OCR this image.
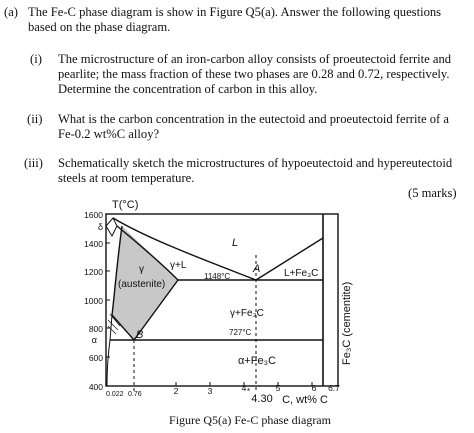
(a) The Fe-C phase diagram is show in Figure Q5(a). Answer the following questions
based on the phase diagram.
(i) The microstructure of an iron-carbon alloy consists of proeutectoid ferrite and
pearlite; the mass fraction of these two phases are 0.28 and 0.72, respectively.
Determine the concentration of carbon in this alloy.
(ii) What is the carbon concentration in the eutectoid and proeutectoid ferrite of a
Fe-0.2 wt%C alloy?
(iii) Schematically sketch the microstructures of hypoeutectoid and hypereutectoid
steels at room temperature.
(5 marks)
1600
1400
1200
1000
800
600
400
α
δ
T(°C)
0.022 0.76	2	3	4	5	6 6.7
4.30
*
C, wt% C
L
γ
(austenite)
γ+L
L+Fe₃C
γ+Fe₃C
α+Fe₃C
1148°C
727°C
A
B	Fe₃C (cementite)
Figure Q5(a) Fe-C phase diagram
